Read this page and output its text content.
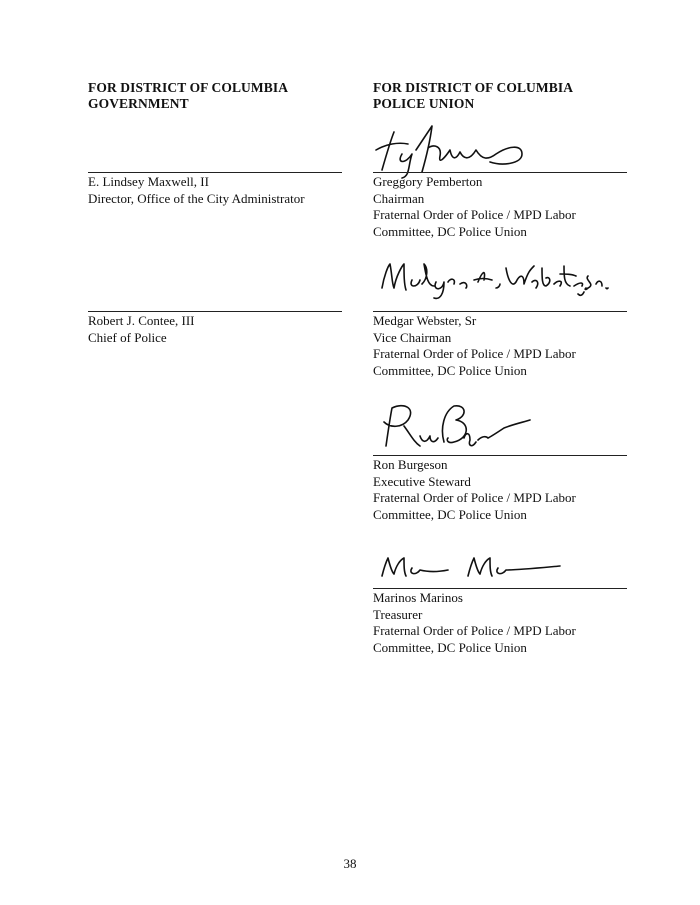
FOR DISTRICT OF COLUMBIA
GOVERNMENT
FOR DISTRICT OF COLUMBIA
POLICE UNION
E. Lindsey Maxwell, II
Director, Office of the City Administrator
Robert J. Contee, III
Chief of Police
Greggory Pemberton
Chairman
Fraternal Order of Police / MPD Labor
Committee, DC Police Union
Medgar Webster, Sr
Vice Chairman
Fraternal Order of Police / MPD Labor
Committee, DC Police Union
Ron Burgeson
Executive Steward
Fraternal Order of Police / MPD Labor
Committee, DC Police Union
Marinos Marinos
Treasurer
Fraternal Order of Police / MPD Labor
Committee, DC Police Union
38
